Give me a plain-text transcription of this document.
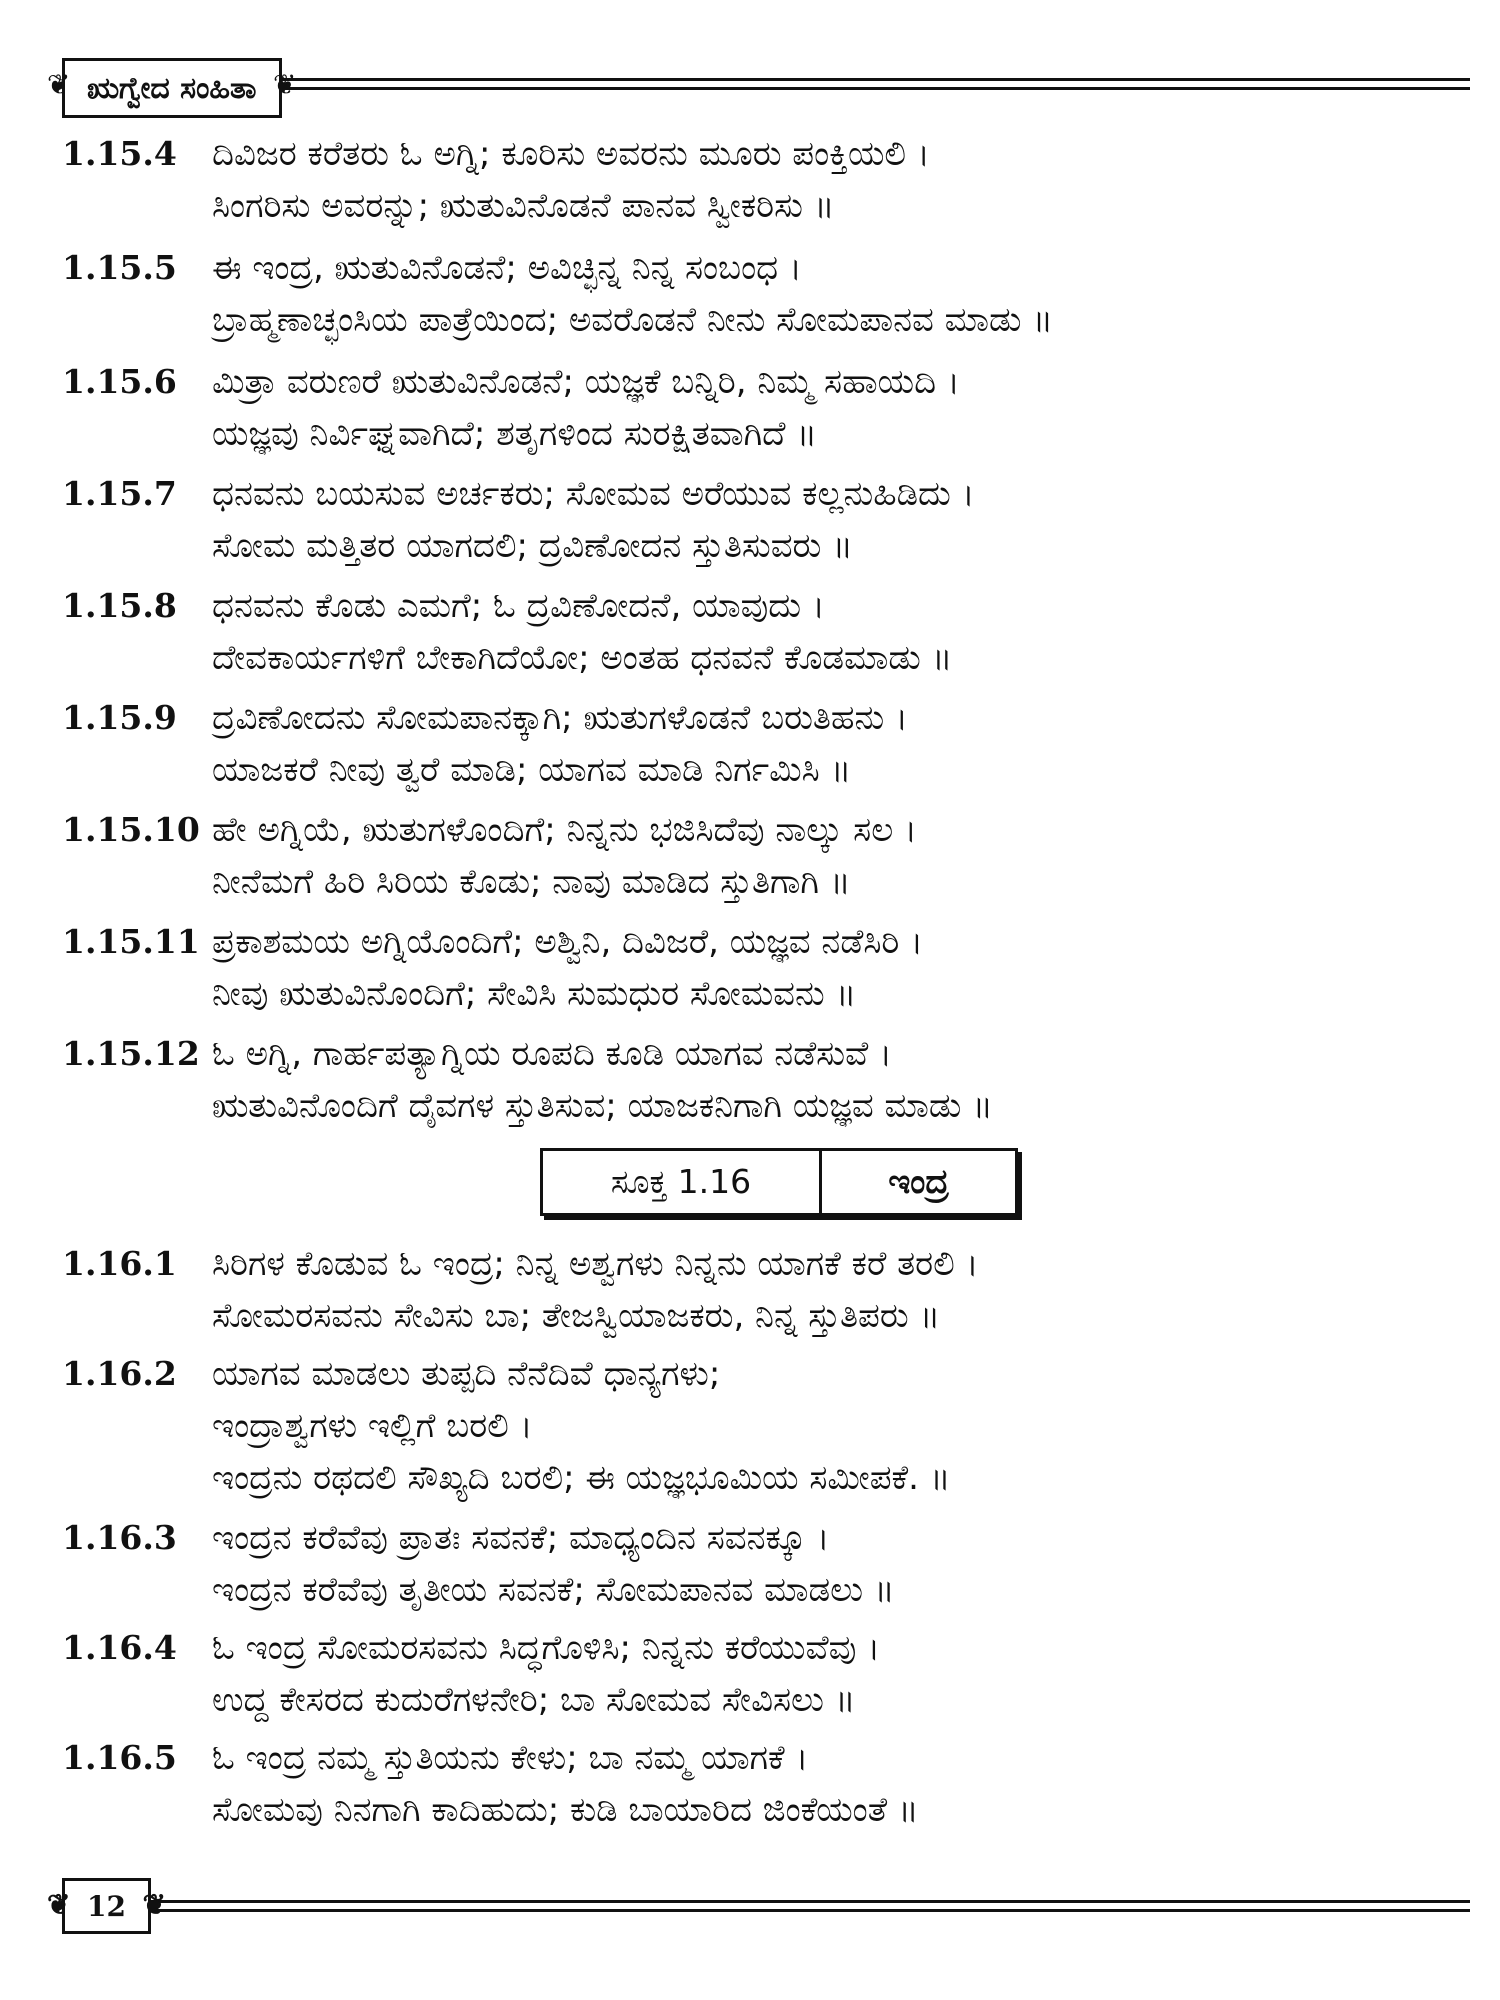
❦ ಋಗ್ವೇದ ಸಂಹಿತಾ ❦
1.15.4	ದಿವಿಜರ ಕರೆತರು ಓ ಅಗ್ನಿ; ಕೂರಿಸು ಅವರನು ಮೂರು ಪಂಕ್ತಿಯಲಿ ।
ಸಿಂಗರಿಸು ಅವರನ್ನು; ಋತುವಿನೊಡನೆ ಪಾನವ ಸ್ವೀಕರಿಸು ॥
1.15.5	ಈ ಇಂದ್ರ, ಋತುವಿನೊಡನೆ; ಅವಿಚ್ಛಿನ್ನ ನಿನ್ನ ಸಂಬಂಧ ।
ಬ್ರಾಹ್ಮಣಾಚ್ಛಂಸಿಯ ಪಾತ್ರೆಯಿಂದ; ಅವರೊಡನೆ ನೀನು ಸೋಮಪಾನವ ಮಾಡು ॥
1.15.6	ಮಿತ್ರಾ ವರುಣರೆ ಋತುವಿನೊಡನೆ; ಯಜ್ಞಕೆ ಬನ್ನಿರಿ, ನಿಮ್ಮ ಸಹಾಯದಿ ।
ಯಜ್ಞವು ನಿರ್ವಿಘ್ನವಾಗಿದೆ; ಶತೃಗಳಿಂದ ಸುರಕ್ಷಿತವಾಗಿದೆ ॥
1.15.7	ಧನವನು ಬಯಸುವ ಅರ್ಚಕರು; ಸೋಮವ ಅರೆಯುವ ಕಲ್ಲನುಹಿಡಿದು ।
ಸೋಮ ಮತ್ತಿತರ ಯಾಗದಲಿ; ದ್ರವಿಣೋದನ ಸ್ತುತಿಸುವರು ॥
1.15.8	ಧನವನು ಕೊಡು ಎಮಗೆ; ಓ ದ್ರವಿಣೋದನೆ, ಯಾವುದು ।
ದೇವಕಾರ್ಯಗಳಿಗೆ ಬೇಕಾಗಿದೆಯೋ; ಅಂತಹ ಧನವನೆ ಕೊಡಮಾಡು ॥
1.15.9	ದ್ರವಿಣೋದನು ಸೋಮಪಾನಕ್ಕಾಗಿ; ಋತುಗಳೊಡನೆ ಬರುತಿಹನು ।
ಯಾಜಕರೆ ನೀವು ತ್ವರೆ ಮಾಡಿ; ಯಾಗವ ಮಾಡಿ ನಿರ್ಗಮಿಸಿ ॥
1.15.10 ಹೇ ಅಗ್ನಿಯೆ, ಋತುಗಳೊಂದಿಗೆ; ನಿನ್ನನು ಭಜಿಸಿದೆವು ನಾಲ್ಕು ಸಲ ।
ನೀನೆಮಗೆ ಹಿರಿ ಸಿರಿಯ ಕೊಡು; ನಾವು ಮಾಡಿದ ಸ್ತುತಿಗಾಗಿ ॥
1.15.11 ಪ್ರಕಾಶಮಯ ಅಗ್ನಿಯೊಂದಿಗೆ; ಅಶ್ವಿನಿ, ದಿವಿಜರೆ, ಯಜ್ಞವ ನಡೆಸಿರಿ ।
ನೀವು ಋತುವಿನೊಂದಿಗೆ; ಸೇವಿಸಿ ಸುಮಧುರ ಸೋಮವನು ॥
1.15.12 ಓ ಅಗ್ನಿ, ಗಾರ್ಹಪತ್ಯಾಗ್ನಿಯ ರೂಪದಿ ಕೂಡಿ ಯಾಗವ ನಡೆಸುವೆ ।
ಋತುವಿನೊಂದಿಗೆ ದೈವಗಳ ಸ್ತುತಿಸುವ; ಯಾಜಕನಿಗಾಗಿ ಯಜ್ಞವ ಮಾಡು ॥
ಸೂಕ್ತ 1.16	ಇಂದ್ರ
1.16.1	ಸಿರಿಗಳ ಕೊಡುವ ಓ ಇಂದ್ರ; ನಿನ್ನ ಅಶ್ವಗಳು ನಿನ್ನನು ಯಾಗಕೆ ಕರೆ ತರಲಿ ।
ಸೋಮರಸವನು ಸೇವಿಸು ಬಾ; ತೇಜಸ್ವಿಯಾಜಕರು, ನಿನ್ನ ಸ್ತುತಿಪರು ॥
1.16.2	ಯಾಗವ ಮಾಡಲು ತುಪ್ಪದಿ ನೆನೆದಿವೆ ಧಾನ್ಯಗಳು;
ಇಂದ್ರಾಶ್ವಗಳು ಇಲ್ಲಿಗೆ ಬರಲಿ ।
ಇಂದ್ರನು ರಥದಲಿ ಸೌಖ್ಯದಿ ಬರಲಿ; ಈ ಯಜ್ಞಭೂಮಿಯ ಸಮೀಪಕೆ. ॥
1.16.3	ಇಂದ್ರನ ಕರೆವೆವು ಪ್ರಾತಃ ಸವನಕೆ; ಮಾಧ್ಯಂದಿನ ಸವನಕ್ಕೂ ।
ಇಂದ್ರನ ಕರೆವೆವು ತೃತೀಯ ಸವನಕೆ; ಸೋಮಪಾನವ ಮಾಡಲು ॥
1.16.4	ಓ ಇಂದ್ರ ಸೋಮರಸವನು ಸಿದ್ಧಗೊಳಿಸಿ; ನಿನ್ನನು ಕರೆಯುವೆವು ।
ಉದ್ದ ಕೇಸರದ ಕುದುರೆಗಳನೇರಿ; ಬಾ ಸೋಮವ ಸೇವಿಸಲು ॥
1.16.5	ಓ ಇಂದ್ರ ನಮ್ಮ ಸ್ತುತಿಯನು ಕೇಳು; ಬಾ ನಮ್ಮ ಯಾಗಕೆ ।
ಸೋಮವು ನಿನಗಾಗಿ ಕಾದಿಹುದು; ಕುಡಿ ಬಾಯಾರಿದ ಜಿಂಕೆಯಂತೆ ॥
❦ 12 ❦
